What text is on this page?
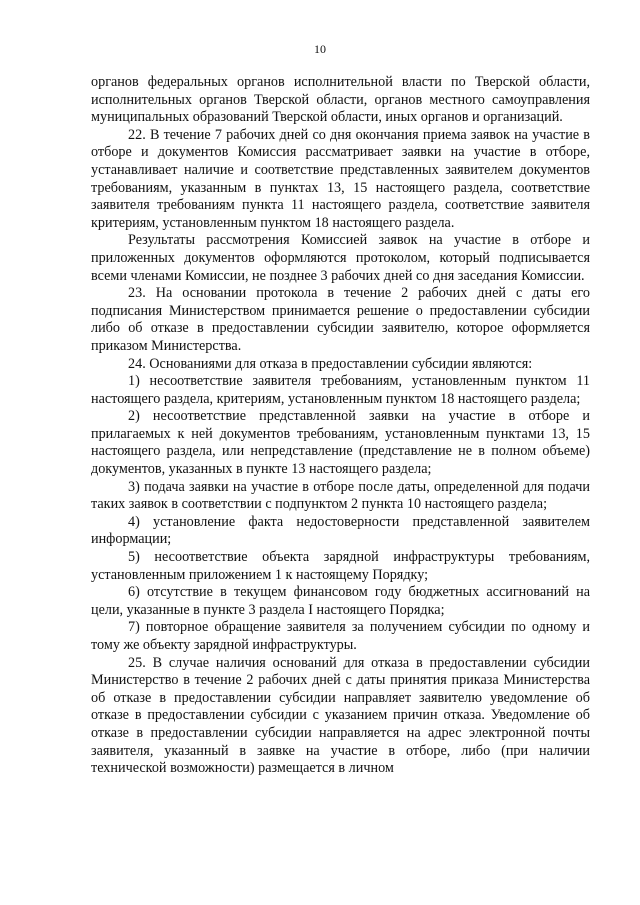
10

органов федеральных органов исполнительной власти по Тверской области, исполнительных органов Тверской области, органов местного самоуправления муниципальных образований Тверской области, иных органов и организаций.

22. В течение 7 рабочих дней со дня окончания приема заявок на участие в отборе и документов Комиссия рассматривает заявки на участие в отборе, устанавливает наличие и соответствие представленных заявителем документов требованиям, указанным в пунктах 13, 15 настоящего раздела, соответствие заявителя требованиям пункта 11 настоящего раздела, соответствие заявителя критериям, установленным пунктом 18 настоящего раздела.

Результаты рассмотрения Комиссией заявок на участие в отборе и приложенных документов оформляются протоколом, который подписывается всеми членами Комиссии, не позднее 3 рабочих дней со дня заседания Комиссии.

23. На основании протокола в течение 2 рабочих дней с даты его подписания Министерством принимается решение о предоставлении субсидии либо об отказе в предоставлении субсидии заявителю, которое оформляется приказом Министерства.

24. Основаниями для отказа в предоставлении субсидии являются:

1) несоответствие заявителя требованиям, установленным пунктом 11 настоящего раздела, критериям, установленным пунктом 18 настоящего раздела;

2) несоответствие представленной заявки на участие в отборе и прилагаемых к ней документов требованиям, установленным пунктами 13, 15 настоящего раздела, или непредставление (представление не в полном объеме) документов, указанных в пункте 13 настоящего раздела;

3) подача заявки на участие в отборе после даты, определенной для подачи таких заявок в соответствии с подпунктом 2 пункта 10 настоящего раздела;

4) установление факта недостоверности представленной заявителем информации;

5) несоответствие объекта зарядной инфраструктуры требованиям, установленным приложением 1 к настоящему Порядку;

6) отсутствие в текущем финансовом году бюджетных ассигнований на цели, указанные в пункте 3 раздела I настоящего Порядка;

7) повторное обращение заявителя за получением субсидии по одному и тому же объекту зарядной инфраструктуры.

25. В случае наличия оснований для отказа в предоставлении субсидии Министерство в течение 2 рабочих дней с даты принятия приказа Министерства об отказе в предоставлении субсидии направляет заявителю уведомление об отказе в предоставлении субсидии с указанием причин отказа. Уведомление об отказе в предоставлении субсидии направляется на адрес электронной почты заявителя, указанный в заявке на участие в отборе, либо (при наличии технической возможности) размещается в личном
